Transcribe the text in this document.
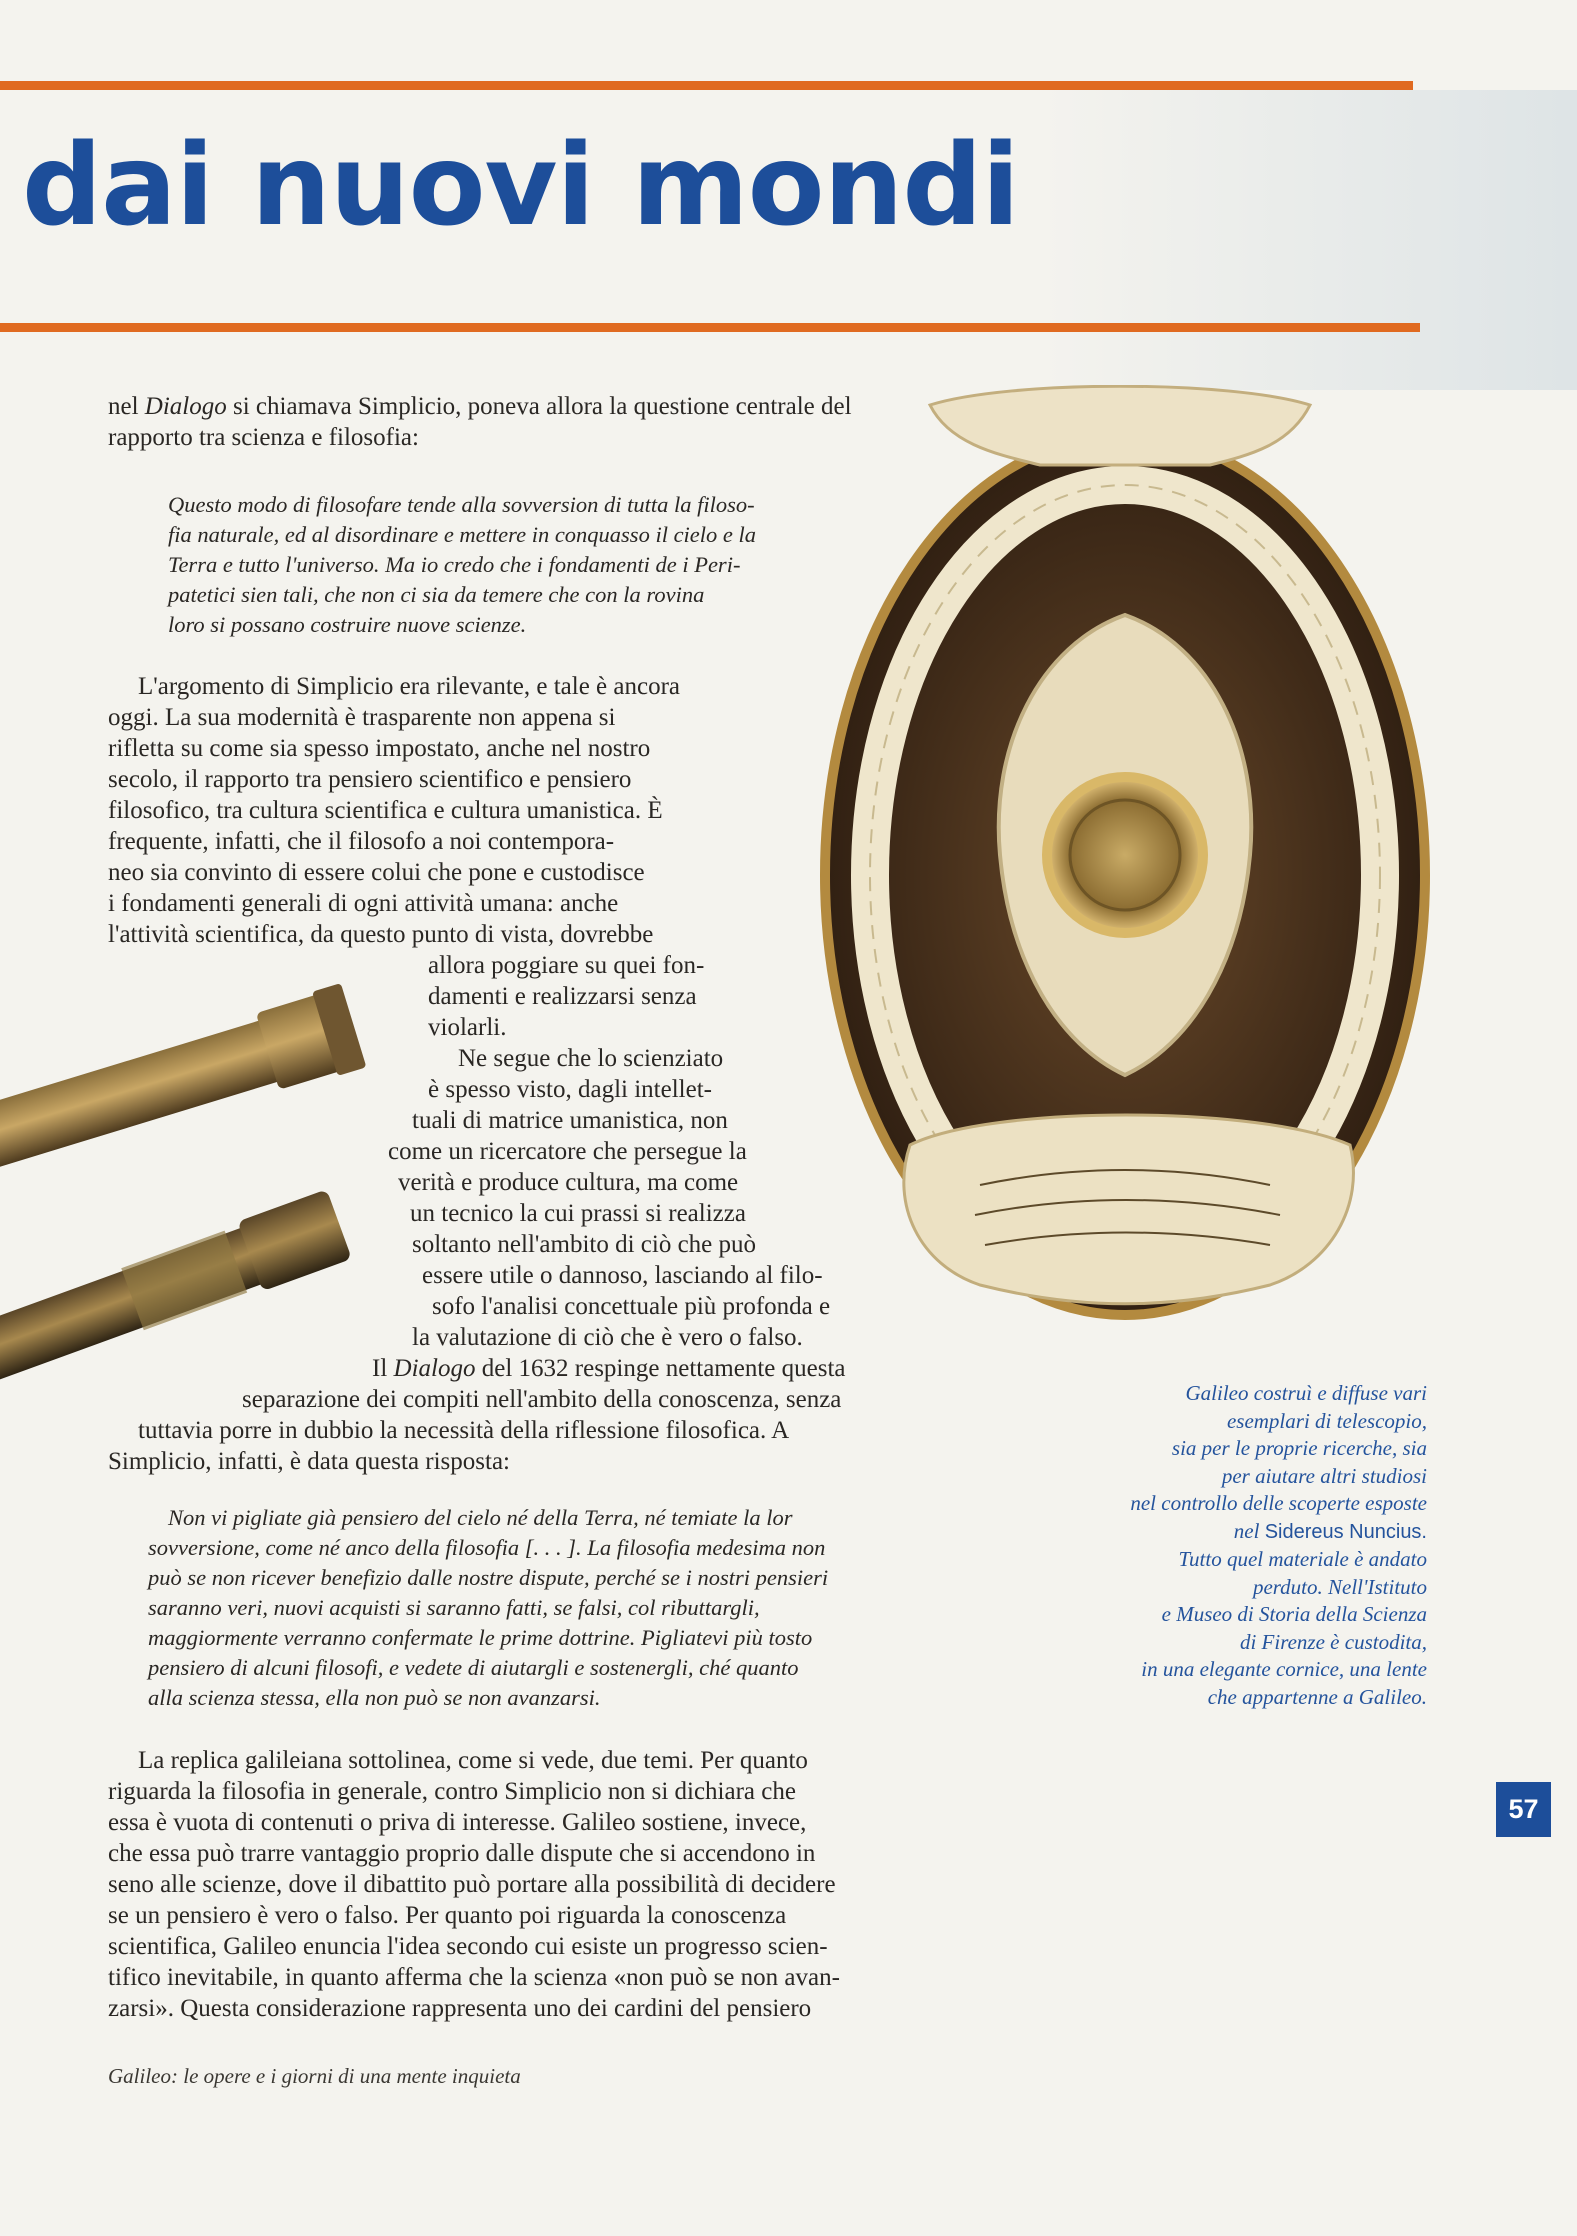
dai nuovi mondi

nel Dialogo si chiamava Simplicio, poneva allora la questione centrale del

rapporto tra scienza e filosofia:

Questo modo di filosofare tende alla sovversion di tutta la filoso-

fia naturale, ed al disordinare e mettere in conquasso il cielo e la

Terra e tutto l'universo. Ma io credo che i fondamenti de i Peri-

patetici sien tali, che non ci sia da temere che con la rovina

loro si possano costruire nuove scienze.

L'argomento di Simplicio era rilevante, e tale è ancora

oggi. La sua modernità è trasparente non appena si

rifletta su come sia spesso impostato, anche nel nostro

secolo, il rapporto tra pensiero scientifico e pensiero

filosofico, tra cultura scientifica e cultura umanistica. È

frequente, infatti, che il filosofo a noi contempora-

neo sia convinto di essere colui che pone e custodisce

i fondamenti generali di ogni attività umana: anche

l'attività scientifica, da questo punto di vista, dovrebbe

allora poggiare su quei fon-

damenti e realizzarsi senza

violarli.

Ne segue che lo scienziato

è spesso visto, dagli intellet-

tuali di matrice umanistica, non

come un ricercatore che persegue la

verità e produce cultura, ma come

un tecnico la cui prassi si realizza

soltanto nell'ambito di ciò che può

essere utile o dannoso, lasciando al filo-

sofo l'analisi concettuale più profonda e

la valutazione di ciò che è vero o falso.

Il Dialogo del 1632 respinge nettamente questa

separazione dei compiti nell'ambito della conoscenza, senza

tuttavia porre in dubbio la necessità della riflessione filosofica. A

Simplicio, infatti, è data questa risposta:

Non vi pigliate già pensiero del cielo né della Terra, né temiate la lor

sovversione, come né anco della filosofia [. . . ]. La filosofia medesima non

può se non ricever benefizio dalle nostre dispute, perché se i nostri pensieri

saranno veri, nuovi acquisti si saranno fatti, se falsi, col ributtargli,

maggiormente verranno confermate le prime dottrine. Pigliatevi più tosto

pensiero di alcuni filosofi, e vedete di aiutargli e sostenergli, ché quanto

alla scienza stessa, ella non può se non avanzarsi.

La replica galileiana sottolinea, come si vede, due temi. Per quanto

riguarda la filosofia in generale, contro Simplicio non si dichiara che

essa è vuota di contenuti o priva di interesse. Galileo sostiene, invece,

che essa può trarre vantaggio proprio dalle dispute che si accendono in

seno alle scienze, dove il dibattito può portare alla possibilità di decidere

se un pensiero è vero o falso. Per quanto poi riguarda la conoscenza

scientifica, Galileo enuncia l'idea secondo cui esiste un progresso scien-

tifico inevitabile, in quanto afferma che la scienza «non può se non avan-

zarsi». Questa considerazione rappresenta uno dei cardini del pensiero

Galileo costruì e diffuse vari
esemplari di telescopio,
sia per le proprie ricerche, sia
per aiutare altri studiosi
nel controllo delle scoperte esposte
nel Sidereus Nuncius.
Tutto quel materiale è andato
perduto. Nell'Istituto
e Museo di Storia della Scienza
di Firenze è custodita,
in una elegante cornice, una lente
che appartenne a Galileo.
57

Galileo: le opere e i giorni di una mente inquieta
